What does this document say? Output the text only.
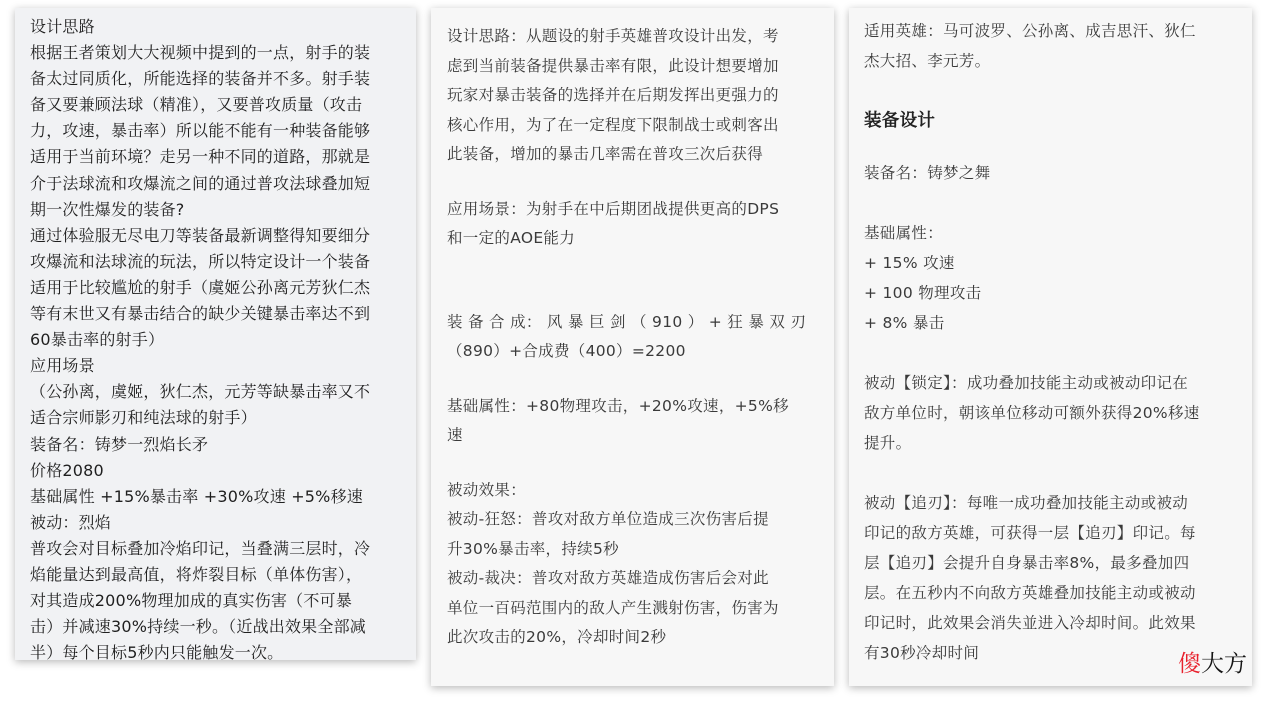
设计思路

根据王者策划大大视频中提到的一点，射手的装

备太过同质化，所能选择的装备并不多。射手装

备又要兼顾法球（精准），又要普攻质量（攻击

力，攻速，暴击率）所以能不能有一种装备能够

适用于当前环境？走另一种不同的道路，那就是

介于法球流和攻爆流之间的通过普攻法球叠加短

期一次性爆发的装备?

通过体验服无尽电刀等装备最新调整得知要细分

攻爆流和法球流的玩法，所以特定设计一个装备

适用于比较尴尬的射手（虞姬公孙离元芳狄仁杰

等有末世又有暴击结合的缺少关键暴击率达不到

60暴击率的射手）

应用场景

（公孙离，虞姬，狄仁杰，元芳等缺暴击率又不

适合宗师影刃和纯法球的射手）

装备名：铸梦一烈焰长矛

价格2080

基础属性 +15%暴击率 +30%攻速 +5%移速

被动：烈焰

普攻会对目标叠加冷焰印记，当叠满三层时，冷

焰能量达到最高值，将炸裂目标（单体伤害），

对其造成200%物理加成的真实伤害（不可暴

击）并减速30%持续一秒。（近战出效果全部减

半）每个目标5秒内只能触发一次。

设计思路：从题设的射手英雄普攻设计出发，考

虑到当前装备提供暴击率有限，此设计想要增加

玩家对暴击装备的选择并在后期发挥出更强力的

核心作用，为了在一定程度下限制战士或刺客出

此装备，增加的暴击几率需在普攻三次后获得

应用场景：为射手在中后期团战提供更高的DPS

和一定的AOE能力

装 备 合 成： 风 暴 巨 剑 （ 910 ） + 狂 暴 双 刃

（890）+合成费（400）=2200

基础属性：+80物理攻击，+20%攻速，+5%移

速

被动效果：

被动-狂怒：普攻对敌方单位造成三次伤害后提

升30%暴击率，持续5秒

被动-裁决：普攻对敌方英雄造成伤害后会对此

单位一百码范围内的敌人产生溅射伤害，伤害为

此次攻击的20%，冷却时间2秒

适用英雄：马可波罗、公孙离、成吉思汗、狄仁

杰大招、李元芳。

装备设计

装备名：铸梦之舞

基础属性：

+ 15% 攻速

+ 100 物理攻击

+ 8% 暴击

被动【锁定】：成功叠加技能主动或被动印记在

敌方单位时，朝该单位移动可额外获得20%移速

提升。

被动【追刃】：每唯一成功叠加技能主动或被动

印记的敌方英雄，可获得一层【追刃】印记。每

层【追刃】会提升自身暴击率8%，最多叠加四

层。在五秒内不向敌方英雄叠加技能主动或被动

印记时，此效果会消失並进入冷却时间。此效果

有30秒冷却时间	傻大方
